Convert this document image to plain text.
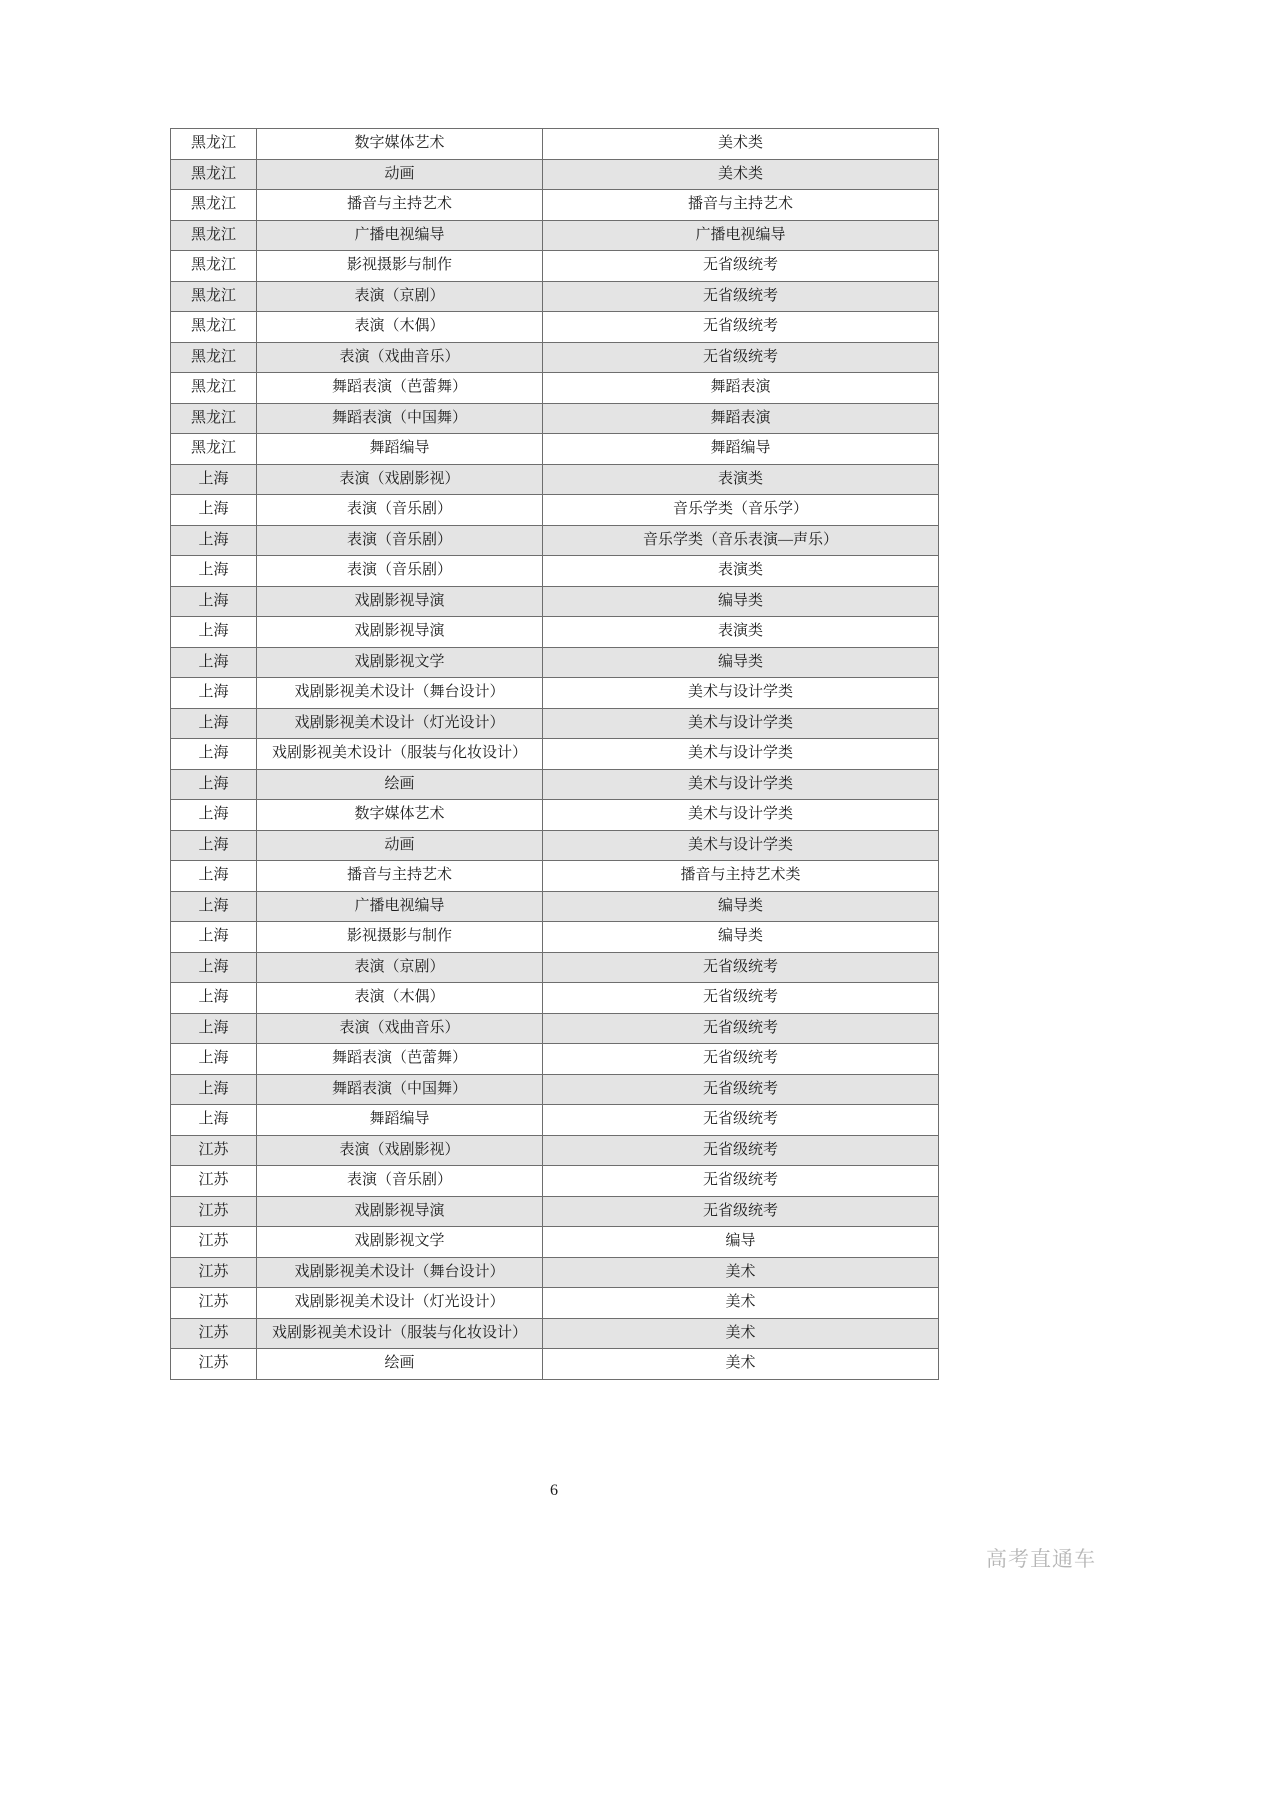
黑龙江	数字媒体艺术	美术类
黑龙江	动画	美术类
黑龙江	播音与主持艺术	播音与主持艺术
黑龙江	广播电视编导	广播电视编导
黑龙江	影视摄影与制作	无省级统考
黑龙江	表演（京剧）	无省级统考
黑龙江	表演（木偶）	无省级统考
黑龙江	表演（戏曲音乐）	无省级统考
黑龙江	舞蹈表演（芭蕾舞）	舞蹈表演
黑龙江	舞蹈表演（中国舞）	舞蹈表演
黑龙江	舞蹈编导	舞蹈编导
上海	表演（戏剧影视）	表演类
上海	表演（音乐剧）	音乐学类（音乐学）
上海	表演（音乐剧）	音乐学类（音乐表演—声乐）
上海	表演（音乐剧）	表演类
上海	戏剧影视导演	编导类
上海	戏剧影视导演	表演类
上海	戏剧影视文学	编导类
上海	戏剧影视美术设计（舞台设计）	美术与设计学类
上海	戏剧影视美术设计（灯光设计）	美术与设计学类
上海	戏剧影视美术设计（服装与化妆设计）	美术与设计学类
上海	绘画	美术与设计学类
上海	数字媒体艺术	美术与设计学类
上海	动画	美术与设计学类
上海	播音与主持艺术	播音与主持艺术类
上海	广播电视编导	编导类
上海	影视摄影与制作	编导类
上海	表演（京剧）	无省级统考
上海	表演（木偶）	无省级统考
上海	表演（戏曲音乐）	无省级统考
上海	舞蹈表演（芭蕾舞）	无省级统考
上海	舞蹈表演（中国舞）	无省级统考
上海	舞蹈编导	无省级统考
江苏	表演（戏剧影视）	无省级统考
江苏	表演（音乐剧）	无省级统考
江苏	戏剧影视导演	无省级统考
江苏	戏剧影视文学	编导
江苏	戏剧影视美术设计（舞台设计）	美术
江苏	戏剧影视美术设计（灯光设计）	美术
江苏	戏剧影视美术设计（服装与化妆设计）	美术
江苏	绘画	美术
6
高考直通车
